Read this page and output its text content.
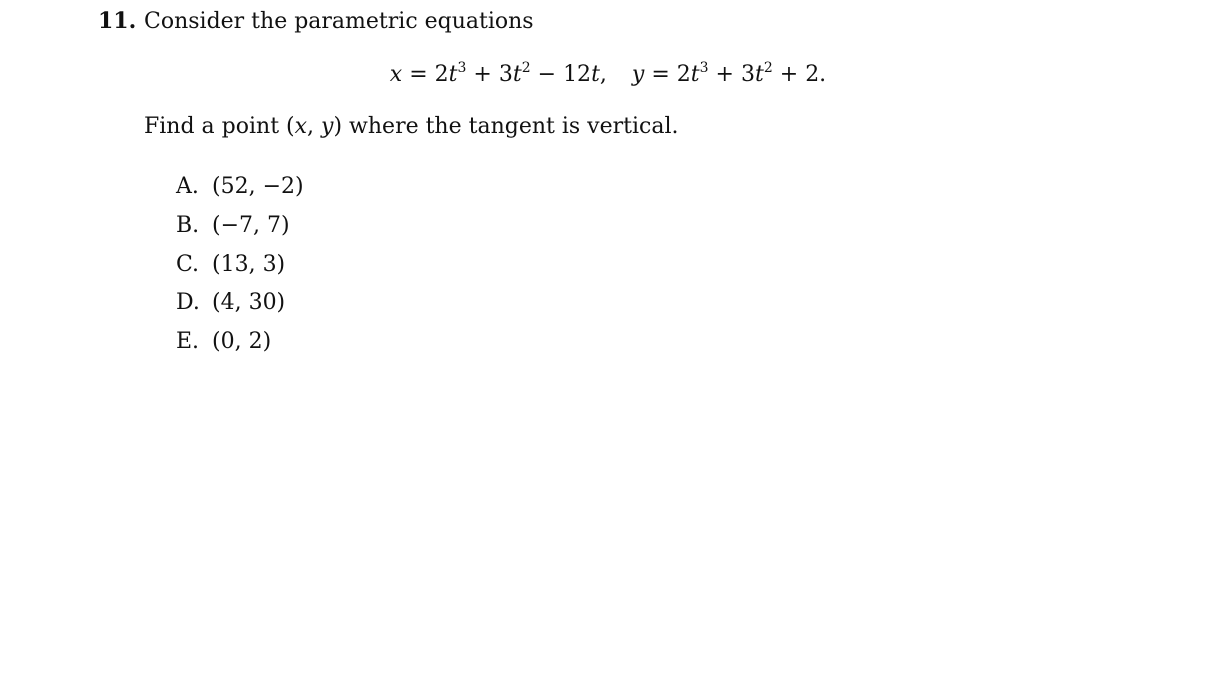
11. Consider the parametric equations
$x = 2t^3 + 3t^2 - 12t$, $y = 2t^3 + 3t^2 + 2$.
Find a point (x, y) where the tangent is vertical.
A. (52, −2)
B. (−7, 7)
C. (13, 3)
D. (4, 30)
E. (0, 2)
